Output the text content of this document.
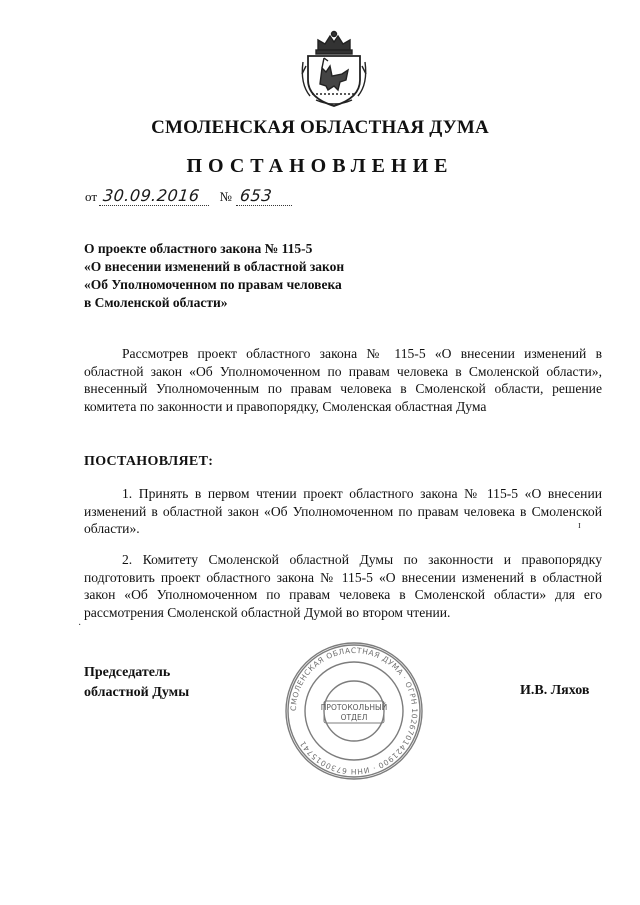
СМОЛЕНСКАЯ ОБЛАСТНАЯ ДУМА
ПОСТАНОВЛЕНИЕ
от 30.09.2016 № 653
О проекте областного закона № 115-5
«О внесении изменений в областной закон
«Об Уполномоченном по правам человека
в Смоленской области»
Рассмотрев проект областного закона № 115-5 «О внесении изменений в областной закон «Об Уполномоченном по правам человека в Смоленской области», внесенный Уполномоченным по правам человека в Смоленской области, решение комитета по законности и правопорядку, Смоленская областная Дума
ПОСТАНОВЛЯЕТ:
1. Принять в первом чтении проект областного закона № 115-5 «О внесении изменений в областной закон «Об Уполномоченном по правам человека в Смоленской области».
2. Комитету Смоленской областной Думы по законности и правопорядку подготовить проект областного закона № 115-5 «О внесении изменений в областной закон «Об Уполномоченном по правам человека в Смоленской области» для его рассмотрения Смоленской областной Думой во втором чтении.
ɪ
·
СМОЛЕНСКАЯ ОБЛАСТНАЯ ДУМА · ОГРН 1026701421900 · ИНН 6730015741
ПРОТОКОЛЬНЫЙ
ОТДЕЛ
Председатель
областной Думы	И.В. Ляхов
